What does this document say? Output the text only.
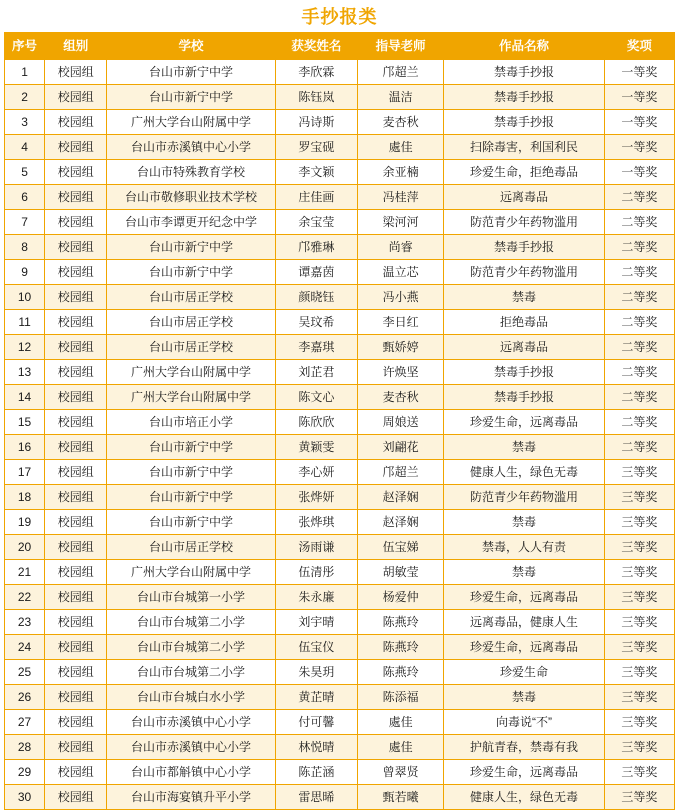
手抄报类
序号	组别	学校	获奖姓名	指导老师	作品名称	奖项
1	校园组	台山市新宁中学	李欣霖	邝超兰	禁毒手抄报	一等奖
2	校园组	台山市新宁中学	陈钰岚	温洁	禁毒手抄报	一等奖
3	校园组	广州大学台山附属中学	冯诗斯	麦杏秋	禁毒手抄报	一等奖
4	校园组	台山市赤溪镇中心小学	罗宝砚	處佳	扫除毒害，利国利民	一等奖
5	校园组	台山市特殊教育学校	李文颖	余亚楠	珍爱生命，拒绝毒品	一等奖
6	校园组	台山市敬修职业技术学校	庄佳画	冯桂萍	远离毒品	二等奖
7	校园组	台山市李谭更开纪念中学	余宝莹	梁河河	防范青少年药物滥用	二等奖
8	校园组	台山市新宁中学	邝雅琳	尚睿	禁毒手抄报	二等奖
9	校园组	台山市新宁中学	谭嘉茵	温立芯	防范青少年药物滥用	二等奖
10	校园组	台山市居正学校	颜晓钰	冯小燕	禁毒	二等奖
11	校园组	台山市居正学校	吴玟希	李日红	拒绝毒品	二等奖
12	校园组	台山市居正学校	李嘉琪	甄娇婷	远离毒品	二等奖
13	校园组	广州大学台山附属中学	刘芷君	许焕坚	禁毒手抄报	二等奖
14	校园组	广州大学台山附属中学	陈文心	麦杏秋	禁毒手抄报	二等奖
15	校园组	台山市培正小学	陈欣欣	周娘送	珍爱生命，远离毒品	二等奖
16	校园组	台山市新宁中学	黄颖雯	刘翩花	禁毒	二等奖
17	校园组	台山市新宁中学	李心妍	邝超兰	健康人生，绿色无毒	三等奖
18	校园组	台山市新宁中学	张烨妍	赵泽娴	防范青少年药物滥用	三等奖
19	校园组	台山市新宁中学	张烨琪	赵泽娴	禁毒	三等奖
20	校园组	台山市居正学校	汤雨谦	伍宝娣	禁毒，人人有责	三等奖
21	校园组	广州大学台山附属中学	伍清彤	胡敏莹	禁毒	三等奖
22	校园组	台山市台城第一小学	朱永廉	杨爱仲	珍爱生命，远离毒品	三等奖
23	校园组	台山市台城第二小学	刘宇晴	陈燕玲	远离毒品，健康人生	三等奖
24	校园组	台山市台城第二小学	伍宝仪	陈燕玲	珍爱生命，远离毒品	三等奖
25	校园组	台山市台城第二小学	朱昊玥	陈燕玲	珍爱生命	三等奖
26	校园组	台山市台城白水小学	黄芷晴	陈添福	禁毒	三等奖
27	校园组	台山市赤溪镇中心小学	付可馨	處佳	向毒说“不”	三等奖
28	校园组	台山市赤溪镇中心小学	林悦晴	處佳	护航青春，禁毒有我	三等奖
29	校园组	台山市都斛镇中心小学	陈芷涵	曾翠贤	珍爱生命，远离毒品	三等奖
30	校园组	台山市海宴镇升平小学	雷思晞	甄若曦	健康人生，绿色无毒	三等奖
